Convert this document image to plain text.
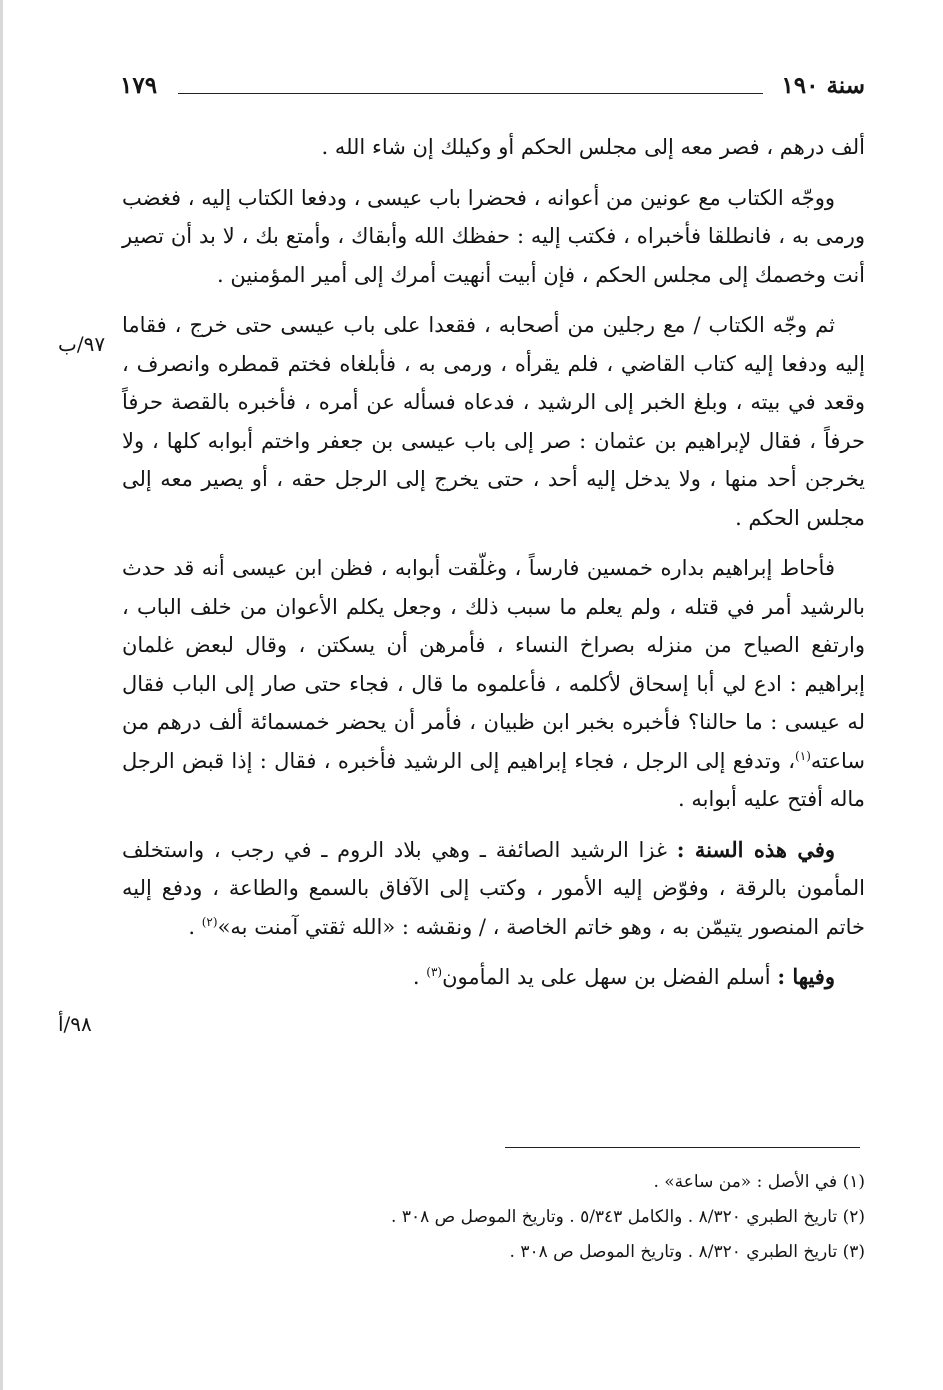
سنة ١٩٠
١٧٩

ألف درهم ، فصر معه إلى مجلس الحكم أو وكيلك إن شاء الله .

ووجّه الكتاب مع عونين من أعوانه ، فحضرا باب عيسى ، ودفعا الكتاب إليه ، فغضب ورمى به ، فانطلقا فأخبراه ، فكتب إليه : حفظك الله وأبقاك ، وأمتع بك ، لا بد أن تصير أنت وخصمك إلى مجلس الحكم ، فإن أبيت أنهيت أمرك إلى أمير المؤمنين .

ثم وجّه الكتاب / مع رجلين من أصحابه ، فقعدا على باب عيسى حتى خرج ، فقاما إليه ودفعا إليه كتاب القاضي ، فلم يقرأه ، ورمى به ، فأبلغاه فختم قمطره وانصرف ، وقعد في بيته ، وبلغ الخبر إلى الرشيد ، فدعاه فسأله عن أمره ، فأخبره بالقصة حرفاً حرفاً ، فقال لإبراهيم بن عثمان : صر إلى باب عيسى بن جعفر واختم أبوابه كلها ، ولا يخرجن أحد منها ، ولا يدخل إليه أحد ، حتى يخرج إلى الرجل حقه ، أو يصير معه إلى مجلس الحكم .

فأحاط إبراهيم بداره خمسين فارساً ، وغلّقت أبوابه ، فظن ابن عيسى أنه قد حدث بالرشيد أمر في قتله ، ولم يعلم ما سبب ذلك ، وجعل يكلم الأعوان من خلف الباب ، وارتفع الصياح من منزله بصراخ النساء ، فأمرهن أن يسكتن ، وقال لبعض غلمان إبراهيم : ادع لي أبا إسحاق لأكلمه ، فأعلموه ما قال ، فجاء حتى صار إلى الباب فقال له عيسى : ما حالنا؟ فأخبره بخبر ابن ظبيان ، فأمر أن يحضر خمسمائة ألف درهم من ساعته$^{(١)}$، وتدفع إلى الرجل ، فجاء إبراهيم إلى الرشيد فأخبره ، فقال : إذا قبض الرجل ماله أفتح عليه أبوابه .

وفي هذه السنة : غزا الرشيد الصائفة ـ وهي بلاد الروم ـ في رجب ، واستخلف المأمون بالرقة ، وفوّض إليه الأمور ، وكتب إلى الآفاق بالسمع والطاعة ، ودفع إليه خاتم المنصور يتيمّن به ، وهو خاتم الخاصة ، / ونقشه : «الله ثقتي آمنت به»$^{(٢)}$ .

وفيها : أسلم الفضل بن سهل على يد المأمون$^{(٣)}$ .

٩٧/ب
٩٨/أ
(١) في الأصل : «من ساعة» .
(٢) تاريخ الطبري ٨/٣٢٠ . والكامل ٥/٣٤٣ . وتاريخ الموصل ص ٣٠٨ .
(٣) تاريخ الطبري ٨/٣٢٠ . وتاريخ الموصل ص ٣٠٨ .
